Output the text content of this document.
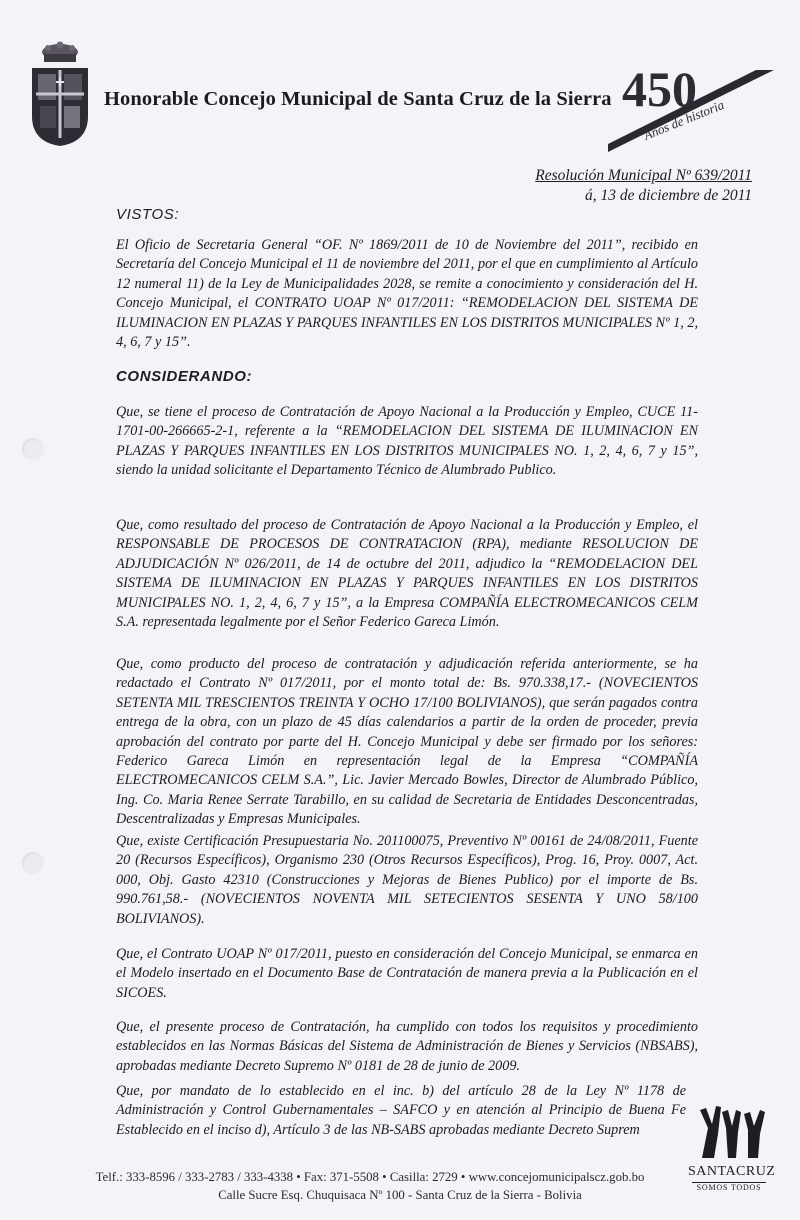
Honorable Concejo Municipal de Santa Cruz de la Sierra 450
Años de historia
Resolución Municipal Nº 639/2011
á, 13 de diciembre de 2011
VISTOS:
El Oficio de Secretaria General “OF. Nº 1869/2011 de 10 de Noviembre del 2011”, recibido en Secretaría del Concejo Municipal el 11 de noviembre del 2011, por el que en cumplimiento al Artículo 12 numeral 11) de la Ley de Municipalidades 2028, se remite a conocimiento y consideración del H. Concejo Municipal, el CONTRATO UOAP Nº 017/2011: “REMODELACION DEL SISTEMA DE ILUMINACION EN PLAZAS Y PARQUES INFANTILES EN LOS DISTRITOS MUNICIPALES Nº 1, 2, 4, 6, 7 y 15”.
CONSIDERANDO:
Que, se tiene el proceso de Contratación de Apoyo Nacional a la Producción y Empleo, CUCE 11-1701-00-266665-2-1, referente a la “REMODELACION DEL SISTEMA DE ILUMINACION EN PLAZAS Y PARQUES INFANTILES EN LOS DISTRITOS MUNICIPALES NO. 1, 2, 4, 6, 7 y 15”, siendo la unidad solicitante el Departamento Técnico de Alumbrado Publico.
Que, como resultado del proceso de Contratación de Apoyo Nacional a la Producción y Empleo, el RESPONSABLE DE PROCESOS DE CONTRATACION (RPA), mediante RESOLUCION DE ADJUDICACIÓN Nº 026/2011, de 14 de octubre del 2011, adjudico la “REMODELACION DEL SISTEMA DE ILUMINACION EN PLAZAS Y PARQUES INFANTILES EN LOS DISTRITOS MUNICIPALES NO. 1, 2, 4, 6, 7 y 15”, a la Empresa COMPAÑÍA ELECTROMECANICOS CELM S.A. representada legalmente por el Señor Federico Gareca Limón.
Que, como producto del proceso de contratación y adjudicación referida anteriormente, se ha redactado el Contrato Nº 017/2011, por el monto total de: Bs. 970.338,17.- (NOVECIENTOS SETENTA MIL TRESCIENTOS TREINTA Y OCHO 17/100 BOLIVIANOS), que serán pagados contra entrega de la obra, con un plazo de 45 días calendarios a partir de la orden de proceder, previa aprobación del contrato por parte del H. Concejo Municipal y debe ser firmado por los señores: Federico Gareca Limón en representación legal de la Empresa “COMPAÑÍA ELECTROMECANICOS CELM S.A.”, Lic. Javier Mercado Bowles, Director de Alumbrado Público, Ing. Co. Maria Renee Serrate Tarabillo, en su calidad de Secretaria de Entidades Desconcentradas, Descentralizadas y Empresas Municipales.
Que, existe Certificación Presupuestaria No. 201100075, Preventivo Nº 00161 de 24/08/2011, Fuente 20 (Recursos Específicos), Organismo 230 (Otros Recursos Específicos), Prog. 16, Proy. 0007, Act. 000, Obj. Gasto 42310 (Construcciones y Mejoras de Bienes Publico) por el importe de Bs. 990.761,58.- (NOVECIENTOS NOVENTA MIL SETECIENTOS SESENTA Y UNO 58/100 BOLIVIANOS).
Que, el Contrato UOAP Nº 017/2011, puesto en consideración del Concejo Municipal, se enmarca en el Modelo insertado en el Documento Base de Contratación de manera previa a la Publicación en el SICOES.
Que, el presente proceso de Contratación, ha cumplido con todos los requisitos y procedimiento establecidos en las Normas Básicas del Sistema de Administración de Bienes y Servicios (NBSABS), aprobadas mediante Decreto Supremo Nº 0181 de 28 de junio de 2009.
Que, por mandato de lo establecido en el inc. b) del artículo 28 de la Ley Nº 1178 de Administración y Control Gubernamentales – SAFCO y en atención al Principio de Buena Fe Establecido en el inciso d), Artículo 3 de las NB-SABS aprobadas mediante Decreto Suprem
Telf.: 333-8596 / 333-2783 / 333-4338 • Fax: 371-5508 • Casilla: 2729 • www.concejomunicipalscz.gob.bo
Calle Sucre Esq. Chuquisaca Nº 100 - Santa Cruz de la Sierra - Bolivia
SANTACRUZ
SOMOS TODOS
